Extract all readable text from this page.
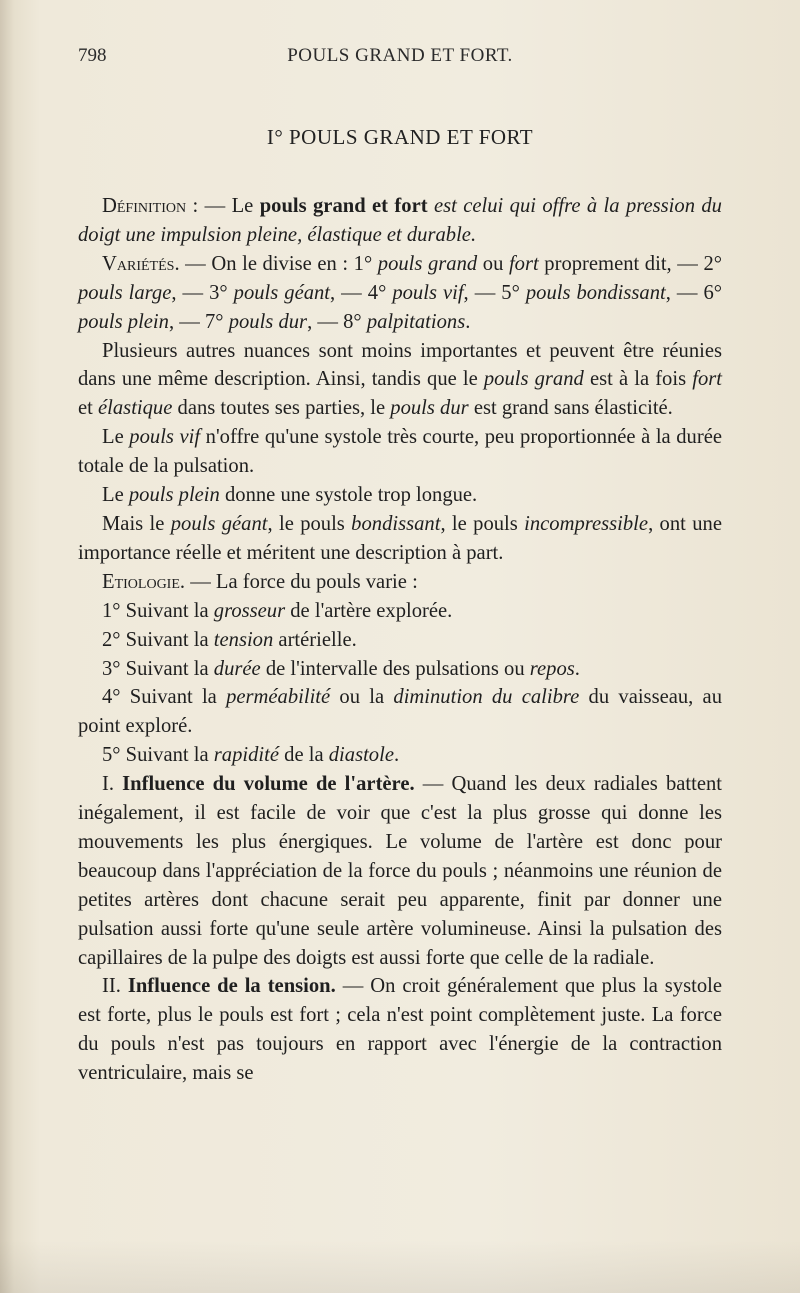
798	POULS GRAND ET FORT.
I° POULS GRAND ET FORT

Définition : — Le pouls grand et fort est celui qui offre à la pression du doigt une impulsion pleine, élastique et durable.

Variétés. — On le divise en : 1° pouls grand ou fort proprement dit, — 2° pouls large, — 3° pouls géant, — 4° pouls vif, — 5° pouls bondissant, — 6° pouls plein, — 7° pouls dur, — 8° palpitations.

Plusieurs autres nuances sont moins importantes et peuvent être réunies dans une même description. Ainsi, tandis que le pouls grand est à la fois fort et élastique dans toutes ses parties, le pouls dur est grand sans élasticité.

Le pouls vif n'offre qu'une systole très courte, peu proportionnée à la durée totale de la pulsation.

Le pouls plein donne une systole trop longue.

Mais le pouls géant, le pouls bondissant, le pouls incompressible, ont une importance réelle et méritent une description à part.

Etiologie. — La force du pouls varie :

1° Suivant la grosseur de l'artère explorée.

2° Suivant la tension artérielle.

3° Suivant la durée de l'intervalle des pulsations ou repos.

4° Suivant la perméabilité ou la diminution du calibre du vaisseau, au point exploré.

5° Suivant la rapidité de la diastole.

I. Influence du volume de l'artère. — Quand les deux radiales battent inégalement, il est facile de voir que c'est la plus grosse qui donne les mouvements les plus énergiques. Le volume de l'artère est donc pour beaucoup dans l'appréciation de la force du pouls ; néanmoins une réunion de petites artères dont chacune serait peu apparente, finit par donner une pulsation aussi forte qu'une seule artère volumineuse. Ainsi la pulsation des capillaires de la pulpe des doigts est aussi forte que celle de la radiale.

II. Influence de la tension. — On croit généralement que plus la systole est forte, plus le pouls est fort ; cela n'est point complètement juste. La force du pouls n'est pas toujours en rapport avec l'énergie de la contraction ventriculaire, mais se
